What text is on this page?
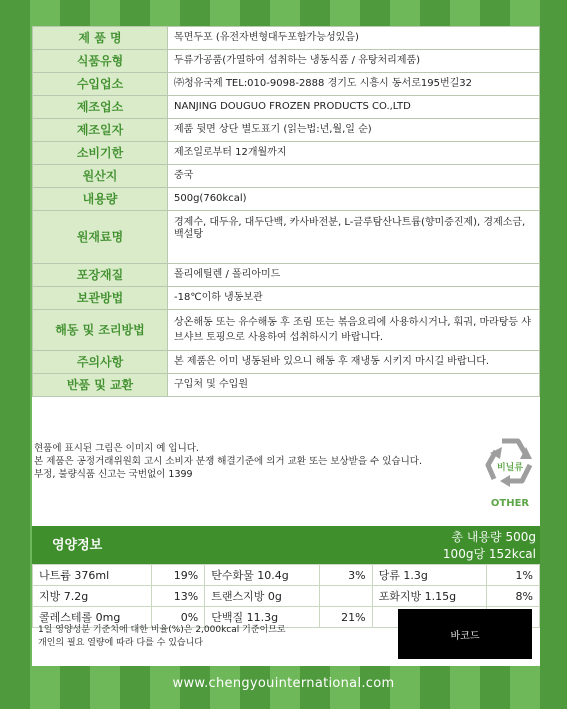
제 품 명	목면두포 (유전자변형대두포함가능성있음)
식품유형	두류가공품(가열하여 섭취하는 냉동식품 / 유탕처리제품)
수입업소	㈜청유국제 TEL:010-9098-2888 경기도 시흥시 동서로195번길32
제조업소	NANJING DOUGUO FROZEN PRODUCTS CO.,LTD
제조일자	제품 뒷면 상단 별도표기 (읽는법:년,월,일 순)
소비기한	제조일로부터 12개월까지
원산지	중국
내용량	500g(760kcal)
원재료명	경제수, 대두유, 대두단백, 카사바전분, L-글루탐산나트륨(향미증진제), 경제소금, 백설탕
포장재질	폴리에틸렌 / 폴리아미드
보관방법	-18℃이하 냉동보관
해동 및 조리방법	상온해동 또는 유수해동 후 조림 또는 볶음요리에 사용하시거나, 훠궈, 마라탕등 샤브샤브 토핑으로 사용하여 섭취하시기 바랍니다.
주의사항	본 제품은 이미 냉동된바 있으니 해동 후 재냉동 시키지 마시길 바랍니다.
반품 및 교환	구입처 및 수입원
현품에 표시된 그림은 이미지 예 입니다.
본 제품은 공정거래위원회 고시 소비자 분쟁 해결기준에 의거 교환 또는 보상받을 수 있습니다.
부정, 불량식품 신고는 국번없이 1399
비닐류
OTHER
영양정보
총 내용량 500g
100g당 152kcal
나트륨 376ml	19%	탄수화물 10.4g	3%	당류 1.3g	1%
지방 7.2g	13%	트랜스지방 0g		포화지방 1.15g	8%
콜레스테롤 0mg	0%	단백질 11.3g	21%		
1일 영양성분 기준치에 대한 비율(%)은 2,000kcal 기준이므로
개인의 필요 열량에 따라 다를 수 있습니다
바코드
www.chengyouinternational.com
